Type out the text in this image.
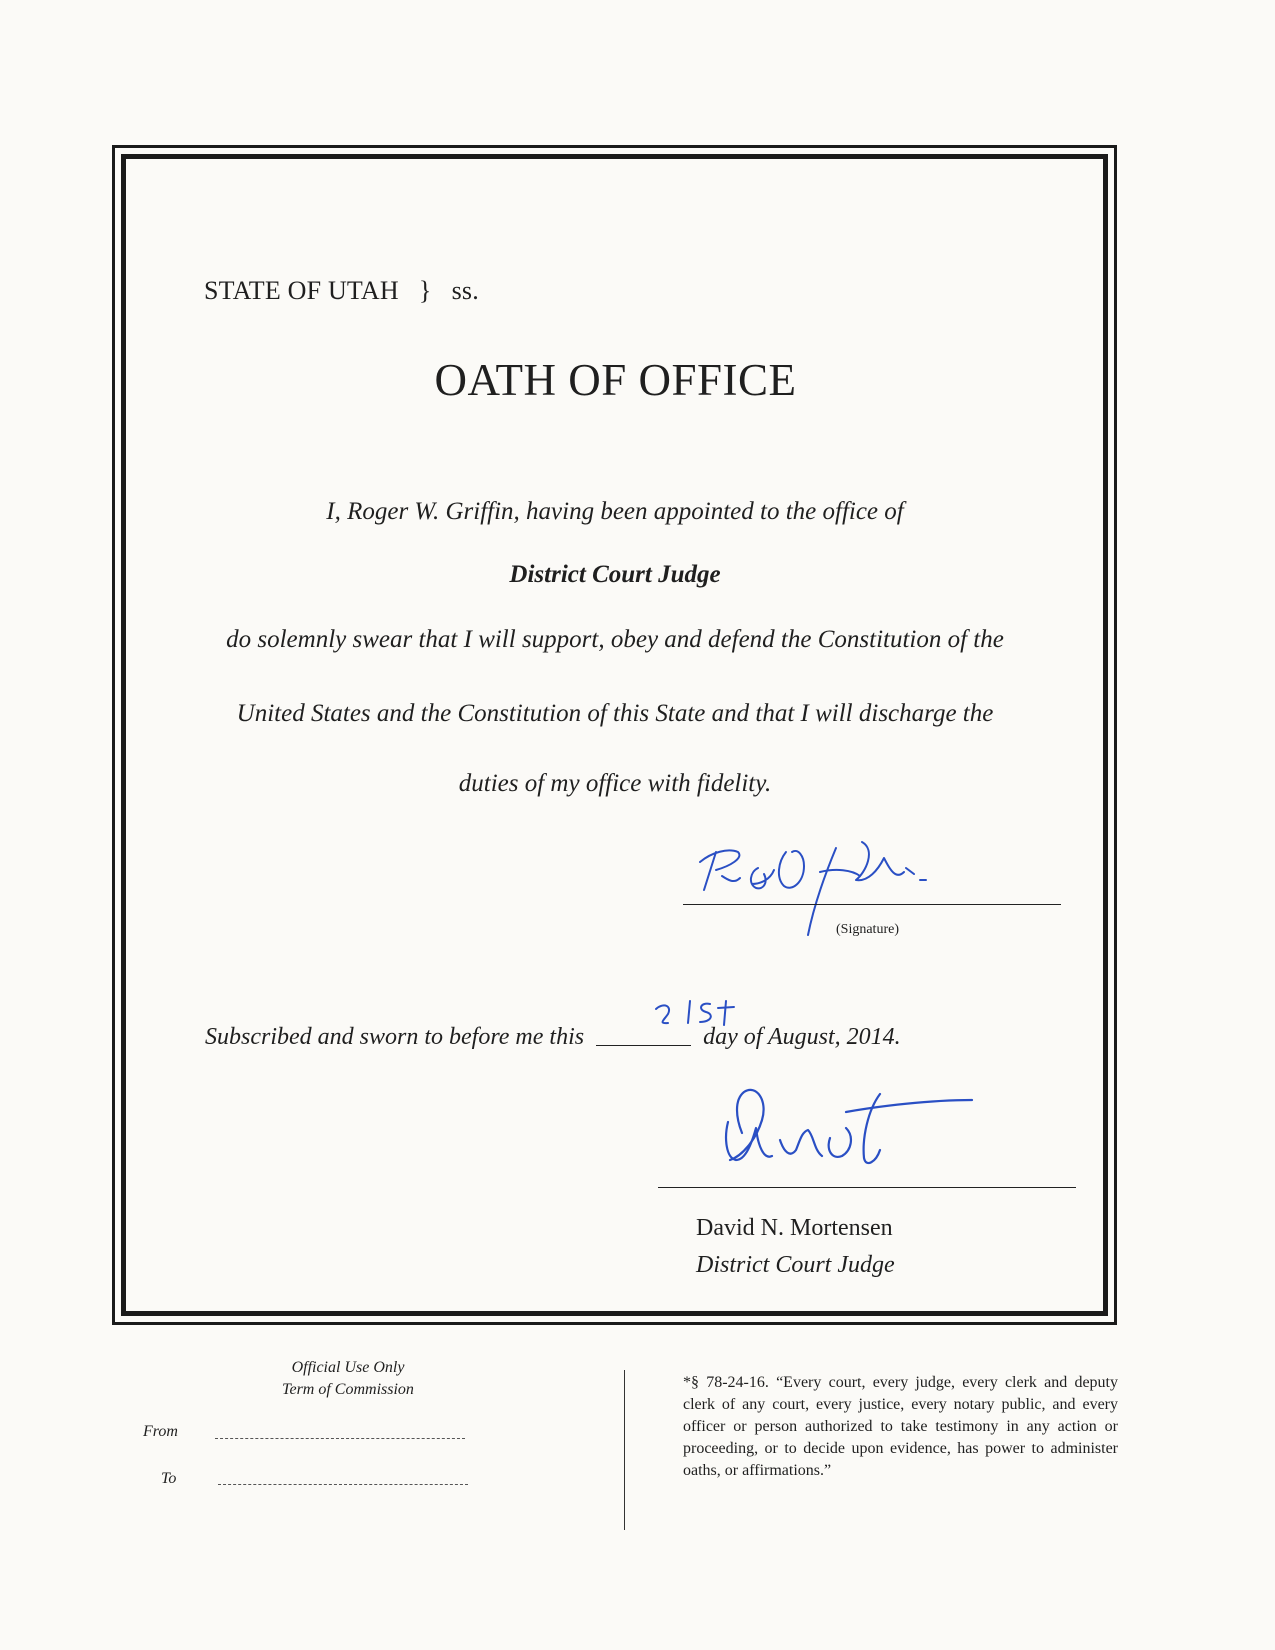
STATE OF UTAH } ss.
OATH OF OFFICE
I, Roger W. Griffin, having been appointed to the office of
District Court Judge
do solemnly swear that I will support, obey and defend the Constitution of the
United States and the Constitution of this State and that I will discharge the
duties of my office with fidelity.
(Signature)
Subscribed and sworn to before me this	day of August, 2014.
David N. Mortensen
District Court Judge
Official Use Only
Term of Commission
From
To
*§ 78-24-16. “Every court, every judge, every clerk and deputy clerk of any court, every justice, every notary public, and every officer or person authorized to take testimony in any action or proceeding, or to decide upon evidence, has power to administer oaths, or affirmations.”
